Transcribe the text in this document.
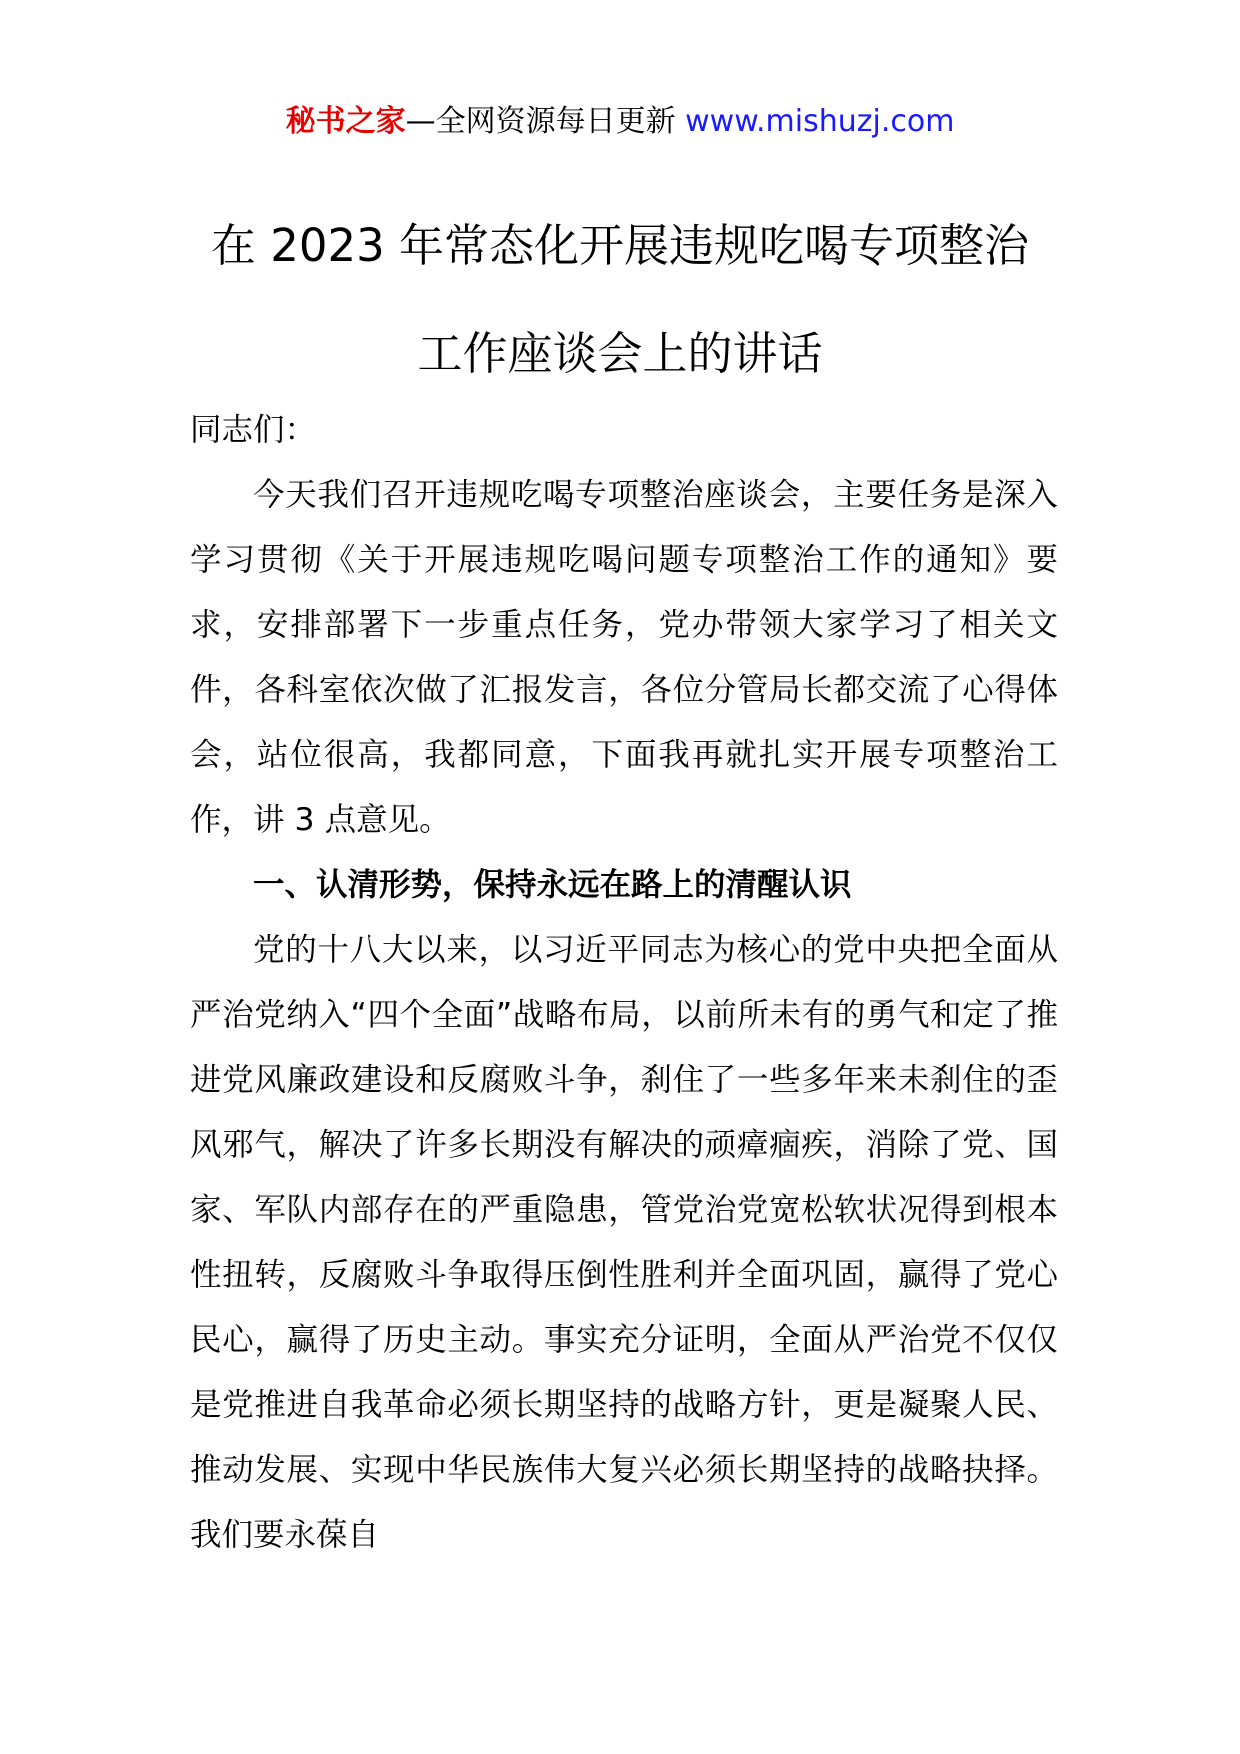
秘书之家—全网资源每日更新 www.mishuzj.com
在 2023 年常态化开展违规吃喝专项整治
工作座谈会上的讲话

同志们：

今天我们召开违规吃喝专项整治座谈会，主要任务是深入学习贯彻《关于开展违规吃喝问题专项整治工作的通知》要求，安排部署下一步重点任务，党办带领大家学习了相关文件，各科室依次做了汇报发言，各位分管局长都交流了心得体会，站位很高，我都同意，下面我再就扎实开展专项整治工作，讲 3 点意见。

一、认清形势，保持永远在路上的清醒认识

党的十八大以来，以习近平同志为核心的党中央把全面从严治党纳入“四个全面”战略布局，以前所未有的勇气和定了推进党风廉政建设和反腐败斗争，刹住了一些多年来未刹住的歪风邪气，解决了许多长期没有解决的顽瘴痼疾，消除了党、国家、军队内部存在的严重隐患，管党治党宽松软状况得到根本性扭转，反腐败斗争取得压倒性胜利并全面巩固，赢得了党心民心，赢得了历史主动。事实充分证明，全面从严治党不仅仅是党推进自我革命必须长期坚持的战略方针，更是凝聚人民、推动发展、实现中华民族伟大复兴必须长期坚持的战略抉择。我们要永葆自
